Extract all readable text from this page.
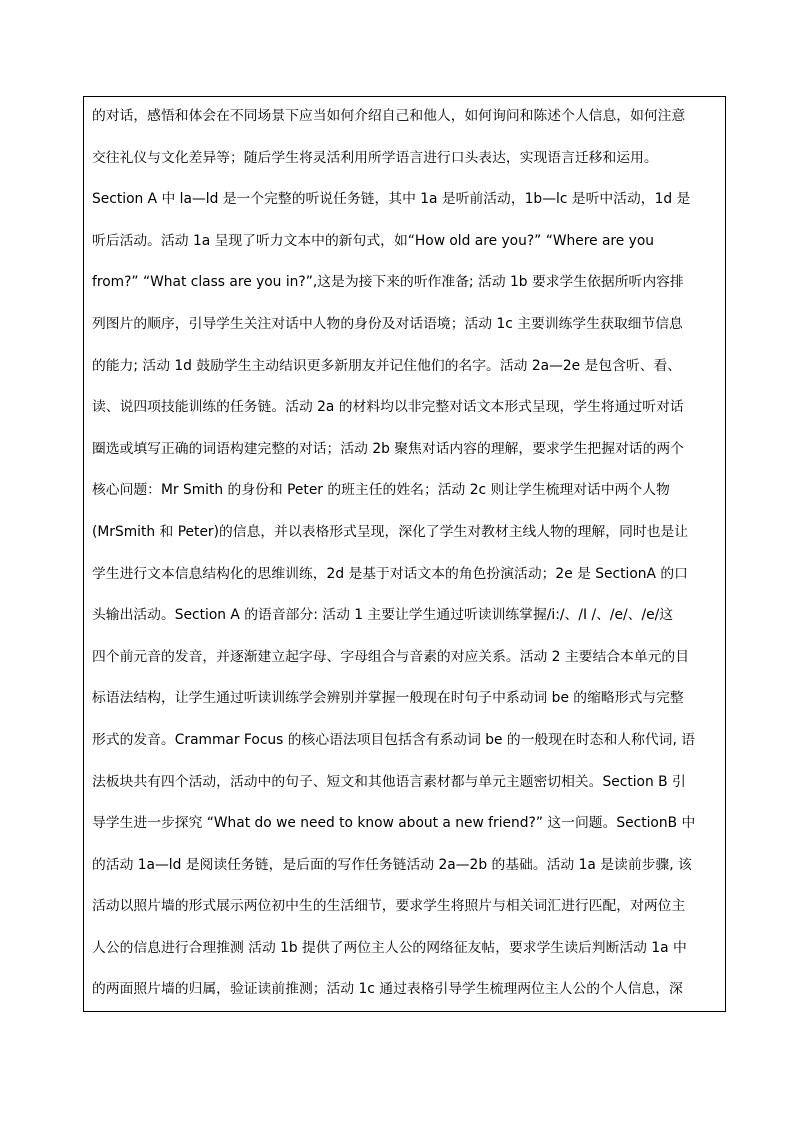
的对话，感悟和体会在不同场景下应当如何介绍自己和他人，如何询问和陈述个人信息，如何注意
交往礼仪与文化差异等；随后学生将灵活利用所学语言进行口头表达，实现语言迁移和运用。
Section A 中 la—ld 是一个完整的听说任务链，其中 1a 是听前活动，1b—lc 是听中活动，1d 是
听后活动。活动 1a 呈现了听力文本中的新句式，如“How old are you?” “Where are you
from?” “What class are you in?”,这是为接下来的听作准备; 活动 1b 要求学生依据所听内容排
列图片的顺序，引导学生关注对话中人物的身份及对话语境；活动 1c 主要训练学生获取细节信息
的能力; 活动 1d 鼓励学生主动结识更多新朋友并记住他们的名字。活动 2a—2e 是包含听、看、
读、说四项技能训练的任务链。活动 2a 的材料均以非完整对话文本形式呈现，学生将通过听对话
圈选或填写正确的词语构建完整的对话；活动 2b 聚焦对话内容的理解，要求学生把握对话的两个
核心问题：Mr Smith 的身份和 Peter 的班主任的姓名；活动 2c 则让学生梳理对话中两个人物
(MrSmith 和 Peter)的信息，并以表格形式呈现，深化了学生对教材主线人物的理解，同时也是让
学生进行文本信息结构化的思维训练，2d 是基于对话文本的角色扮演活动；2e 是 SectionA 的口
头输出活动。Section A 的语音部分: 活动 1 主要让学生通过听读训练掌握/i:/、/I /、/e/、/e/这
四个前元音的发音，并逐渐建立起字母、字母组合与音素的对应关系。活动 2 主要结合本单元的目
标语法结构，让学生通过听读训练学会辨别并掌握一般现在时句子中系动词 be 的缩略形式与完整
形式的发音。Crammar Focus 的核心语法项目包括含有系动词 be 的一般现在时态和人称代词, 语
法板块共有四个活动，活动中的句子、短文和其他语言素材都与单元主题密切相关。Section B 引
导学生进一步探究 “What do we need to know about a new friend?” 这一问题。SectionB 中
的活动 1a—ld 是阅读任务链，是后面的写作任务链活动 2a—2b 的基础。活动 1a 是读前步骤, 该
活动以照片墙的形式展示两位初中生的生活细节，要求学生将照片与相关词汇进行匹配，对两位主
人公的信息进行合理推测 活动 1b 提供了两位主人公的网络征友帖，要求学生读后判断活动 1a 中
的两面照片墙的归属，验证读前推测；活动 1c 通过表格引导学生梳理两位主人公的个人信息，深
